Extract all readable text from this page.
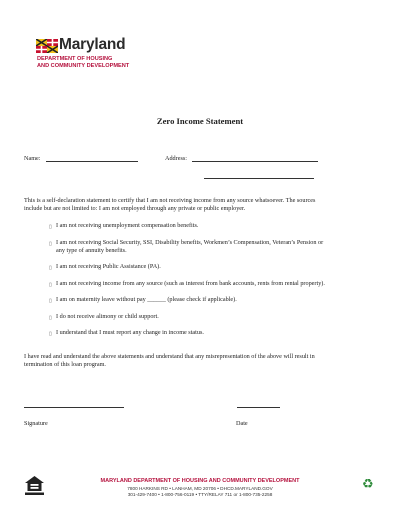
Maryland
DEPARTMENT OF HOUSING
AND COMMUNITY DEVELOPMENT
Zero Income Statement
Name:	Address:
This is a self-declaration statement to certify that I am not receiving income from any source whatsoever. The sources
include but are not limited to: I am not employed through any private or public employer.
▯ I am not receiving unemployment compensation benefits.
▯ I am not receiving Social Security, SSI, Disability benefits, Workmen’s Compensation, Veteran’s Pension or
any type of annuity benefits.
▯ I am not receiving Public Assistance (PA).
▯ I am not receiving income from any source (such as interest from bank accounts, rents from rental property).
▯ I am on maternity leave without pay ______ (please check if applicable).
▯ I do not receive alimony or child support.
▯ I understand that I must report any change in income status.
I have read and understand the above statements and understand that any misrepresentation of the above will result in
termination of this loan program.
Signature	Date
MARYLAND DEPARTMENT OF HOUSING AND COMMUNITY DEVELOPMENT
7800 HARKINS RD • LANHAM, MD 20706 • DHCD.MARYLAND.GOV
301-429-7400 • 1-800-756-0119 • TTY/RELAY 711 or 1-800-735-2258
♻
